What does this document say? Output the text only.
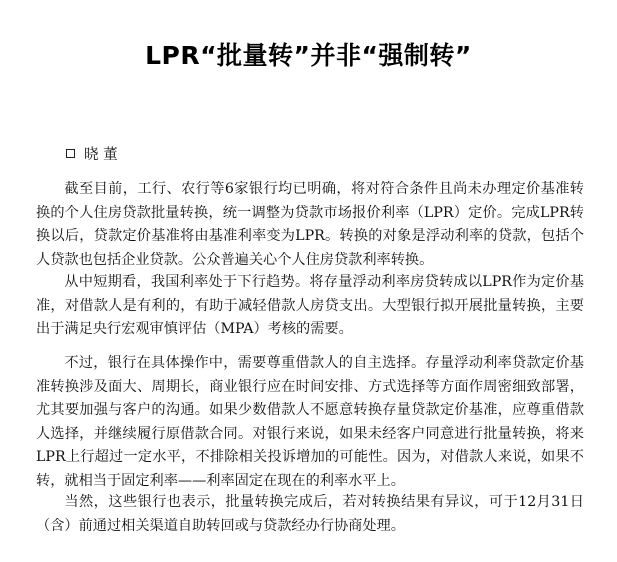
LPR“批量转”并非“强制转”
晓 董

截至目前，工行、农行等6家银行均已明确，将对符合条件且尚未办理定价基准转换的个人住房贷款批量转换，统一调整为贷款市场报价利率（LPR）定价。完成LPR转换以后，贷款定价基准将由基准利率变为LPR。转换的对象是浮动利率的贷款，包括个人贷款也包括企业贷款。公众普遍关心个人住房贷款利率转换。

从中短期看，我国利率处于下行趋势。将存量浮动利率房贷转成以LPR作为定价基准，对借款人是有利的，有助于减轻借款人房贷支出。大型银行拟开展批量转换，主要出于满足央行宏观审慎评估（MPA）考核的需要。

不过，银行在具体操作中，需要尊重借款人的自主选择。存量浮动利率贷款定价基准转换涉及面大、周期长，商业银行应在时间安排、方式选择等方面作周密细致部署，尤其要加强与客户的沟通。如果少数借款人不愿意转换存量贷款定价基准，应尊重借款人选择，并继续履行原借款合同。对银行来说，如果未经客户同意进行批量转换，将来LPR上行超过一定水平，不排除相关投诉增加的可能性。因为，对借款人来说，如果不转，就相当于固定利率——利率固定在现在的利率水平上。

当然，这些银行也表示，批量转换完成后，若对转换结果有异议，可于12月31日（含）前通过相关渠道自助转回或与贷款经办行协商处理。
